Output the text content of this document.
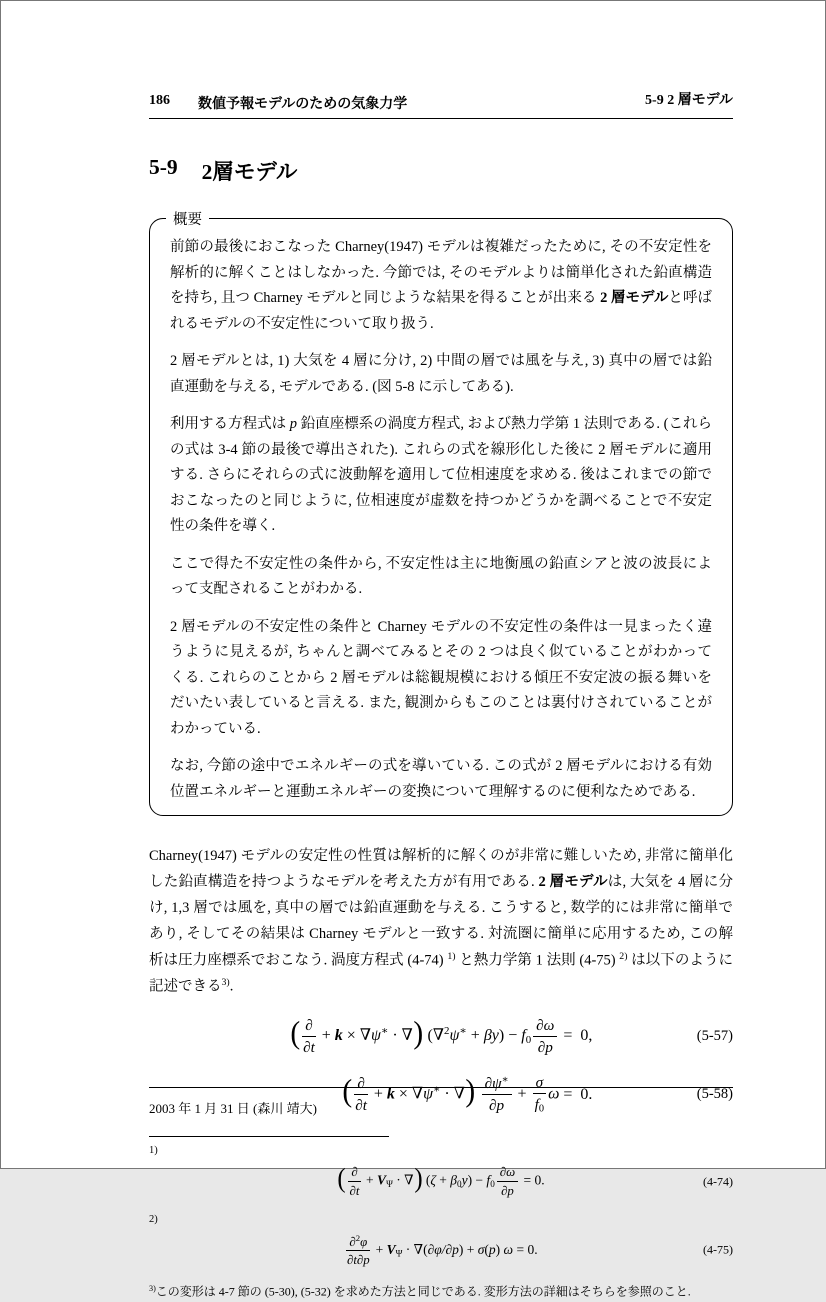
186 数値予報モデルのための気象力学	5-9 2 層モデル
5-9 2層モデル
概要
前節の最後におこなった Charney(1947) モデルは複雑だったために, その不安定性を解析的に解くことはしなかった. 今節では, そのモデルよりは簡単化された鉛直構造を持ち, 且つ Charney モデルと同じような結果を得ることが出来る 2 層モデルと呼ばれるモデルの不安定性について取り扱う.
2 層モデルとは, 1) 大気を 4 層に分け, 2) 中間の層では風を与え, 3) 真中の層では鉛直運動を与える, モデルである. (図 5-8 に示してある).
利用する方程式は p 鉛直座標系の渦度方程式, および熱力学第 1 法則である. (これらの式は 3-4 節の最後で導出された). これらの式を線形化した後に 2 層モデルに適用する. さらにそれらの式に波動解を適用して位相速度を求める. 後はこれまでの節でおこなったのと同じように, 位相速度が虚数を持つかどうかを調べることで不安定性の条件を導く.
ここで得た不安定性の条件から, 不安定性は主に地衡風の鉛直シアと波の波長によって支配されることがわかる.
2 層モデルの不安定性の条件と Charney モデルの不安定性の条件は一見まったく違うように見えるが, ちゃんと調べてみるとその 2 つは良く似ていることがわかってくる. これらのことから 2 層モデルは総観規模における傾圧不安定波の振る舞いをだいたい表していると言える. また, 観測からもこのことは裏付けされていることがわかっている.
なお, 今節の途中でエネルギーの式を導いている. この式が 2 層モデルにおける有効位置エネルギーと運動エネルギーの変換について理解するのに便利なためである.
Charney(1947) モデルの安定性の性質は解析的に解くのが非常に難しいため, 非常に簡単化した鉛直構造を持つようなモデルを考えた方が有用である. 2 層モデルは, 大気を 4 層に分け, 1,3 層では風を, 真中の層では鉛直運動を与える. こうすると, 数学的には非常に簡単であり, そしてその結果は Charney モデルと一致する. 対流圏に簡単に応用するため, この解析は圧力座標系でおこなう. 渦度方程式 (4-74) $^{1)}$ と熱力学第 1 法則 (4-75) $^{2)}$ は以下のように記述できる$^{3)}$.
( $\frac{\partial}{\partial t} + k \times \nabla\psi^∗$ · ∇) $(\nabla^2\psi^∗ + \beta y) - f_0 \frac{\partial\omega}{\partial p} = 0$,	(5-57)
( $\frac{\partial}{\partial t} + k \times \nabla\psi^∗$ · ∇) $\frac{\partial\psi^∗}{\partial p} + \frac{\sigma}{f_0}$ ω =  0.	(5-58)
1)
( $\frac{\partial}{\partial t} + V_\Psi$ · ∇) $(\zeta + \beta_0y) - f_0 \frac{\partial\omega}{\partial p} = 0$.	(4-74)
2)
$\frac{\partial^2\varphi}{\partial t\partial p} + V_\Psi \cdot \nabla(\partial\varphi/\partial p) + \sigma(p) \omega = 0$.	(4-75)
$^{3)}$この変形は 4-7 節の (5-30), (5-32) を求めた方法と同じである. 変形方法の詳細はそちらを参照のこと.
2003 年 1 月 31 日 (森川 靖大)
